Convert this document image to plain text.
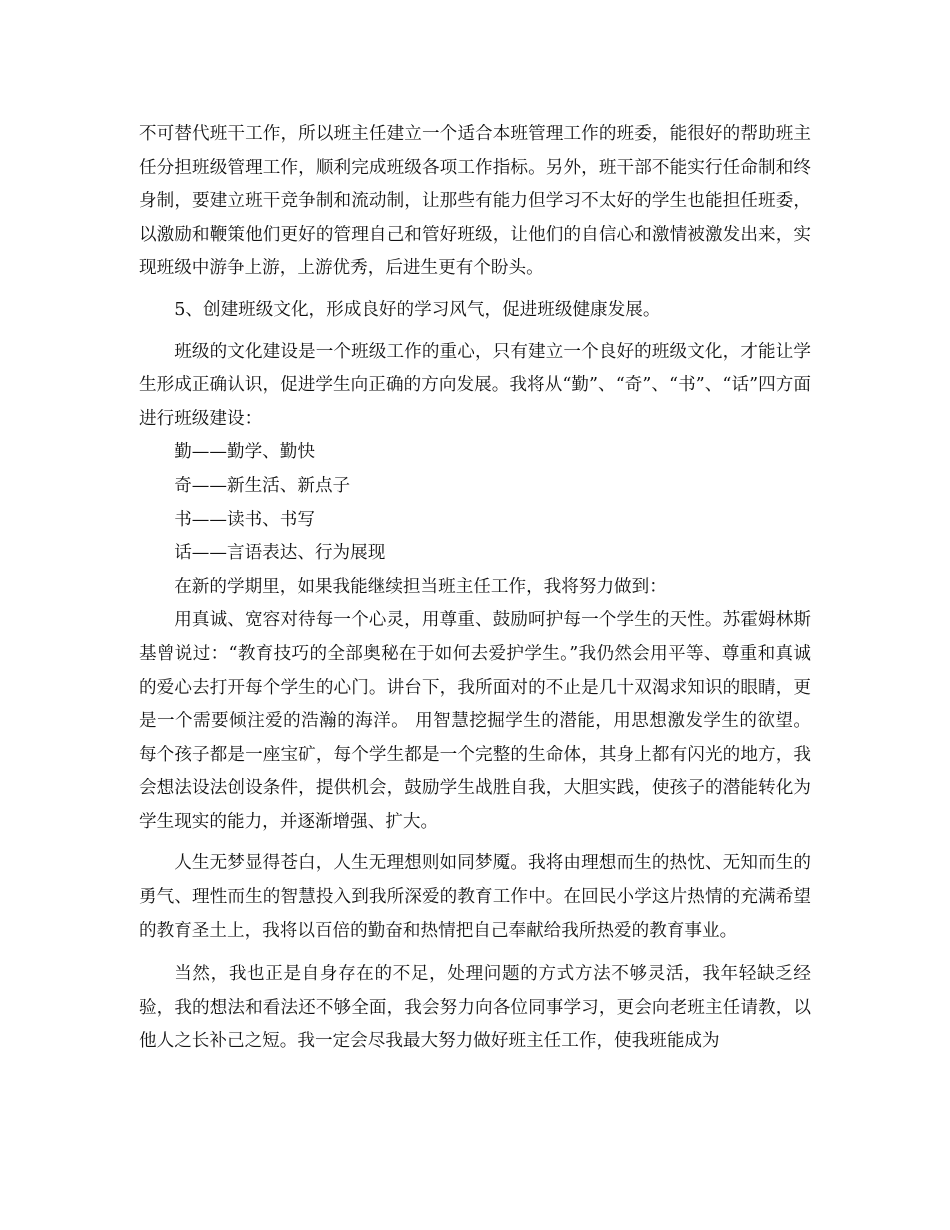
不可替代班干工作，所以班主任建立一个适合本班管理工作的班委，能很好的帮助班主任分担班级管理工作，顺利完成班级各项工作指标。另外，班干部不能实行任命制和终身制，要建立班干竞争制和流动制，让那些有能力但学习不太好的学生也能担任班委，以激励和鞭策他们更好的管理自己和管好班级，让他们的自信心和激情被激发出来，实现班级中游争上游，上游优秀，后进生更有个盼头。

5、创建班级文化，形成良好的学习风气，促进班级健康发展。

班级的文化建设是一个班级工作的重心，只有建立一个良好的班级文化，才能让学生形成正确认识，促进学生向正确的方向发展。我将从“勤”、“奇”、“书”、“话”四方面进行班级建设：

勤——勤学、勤快

奇——新生活、新点子

书——读书、书写

话——言语表达、行为展现

在新的学期里，如果我能继续担当班主任工作，我将努力做到：

用真诚、宽容对待每一个心灵，用尊重、鼓励呵护每一个学生的天性。苏霍姆林斯基曾说过：“教育技巧的全部奥秘在于如何去爱护学生。”我仍然会用平等、尊重和真诚的爱心去打开每个学生的心门。讲台下，我所面对的不止是几十双渴求知识的眼睛，更是一个需要倾注爱的浩瀚的海洋。 用智慧挖掘学生的潜能，用思想激发学生的欲望。每个孩子都是一座宝矿，每个学生都是一个完整的生命体，其身上都有闪光的地方，我会想法设法创设条件，提供机会，鼓励学生战胜自我，大胆实践，使孩子的潜能转化为学生现实的能力，并逐渐增强、扩大。

人生无梦显得苍白，人生无理想则如同梦魇。我将由理想而生的热忱、无知而生的勇气、理性而生的智慧投入到我所深爱的教育工作中。在回民小学这片热情的充满希望的教育圣土上，我将以百倍的勤奋和热情把自己奉献给我所热爱的教育事业。

当然，我也正是自身存在的不足，处理问题的方式方法不够灵活，我年轻缺乏经验，我的想法和看法还不够全面，我会努力向各位同事学习，更会向老班主任请教，以他人之长补己之短。我一定会尽我最大努力做好班主任工作，使我班能成为
